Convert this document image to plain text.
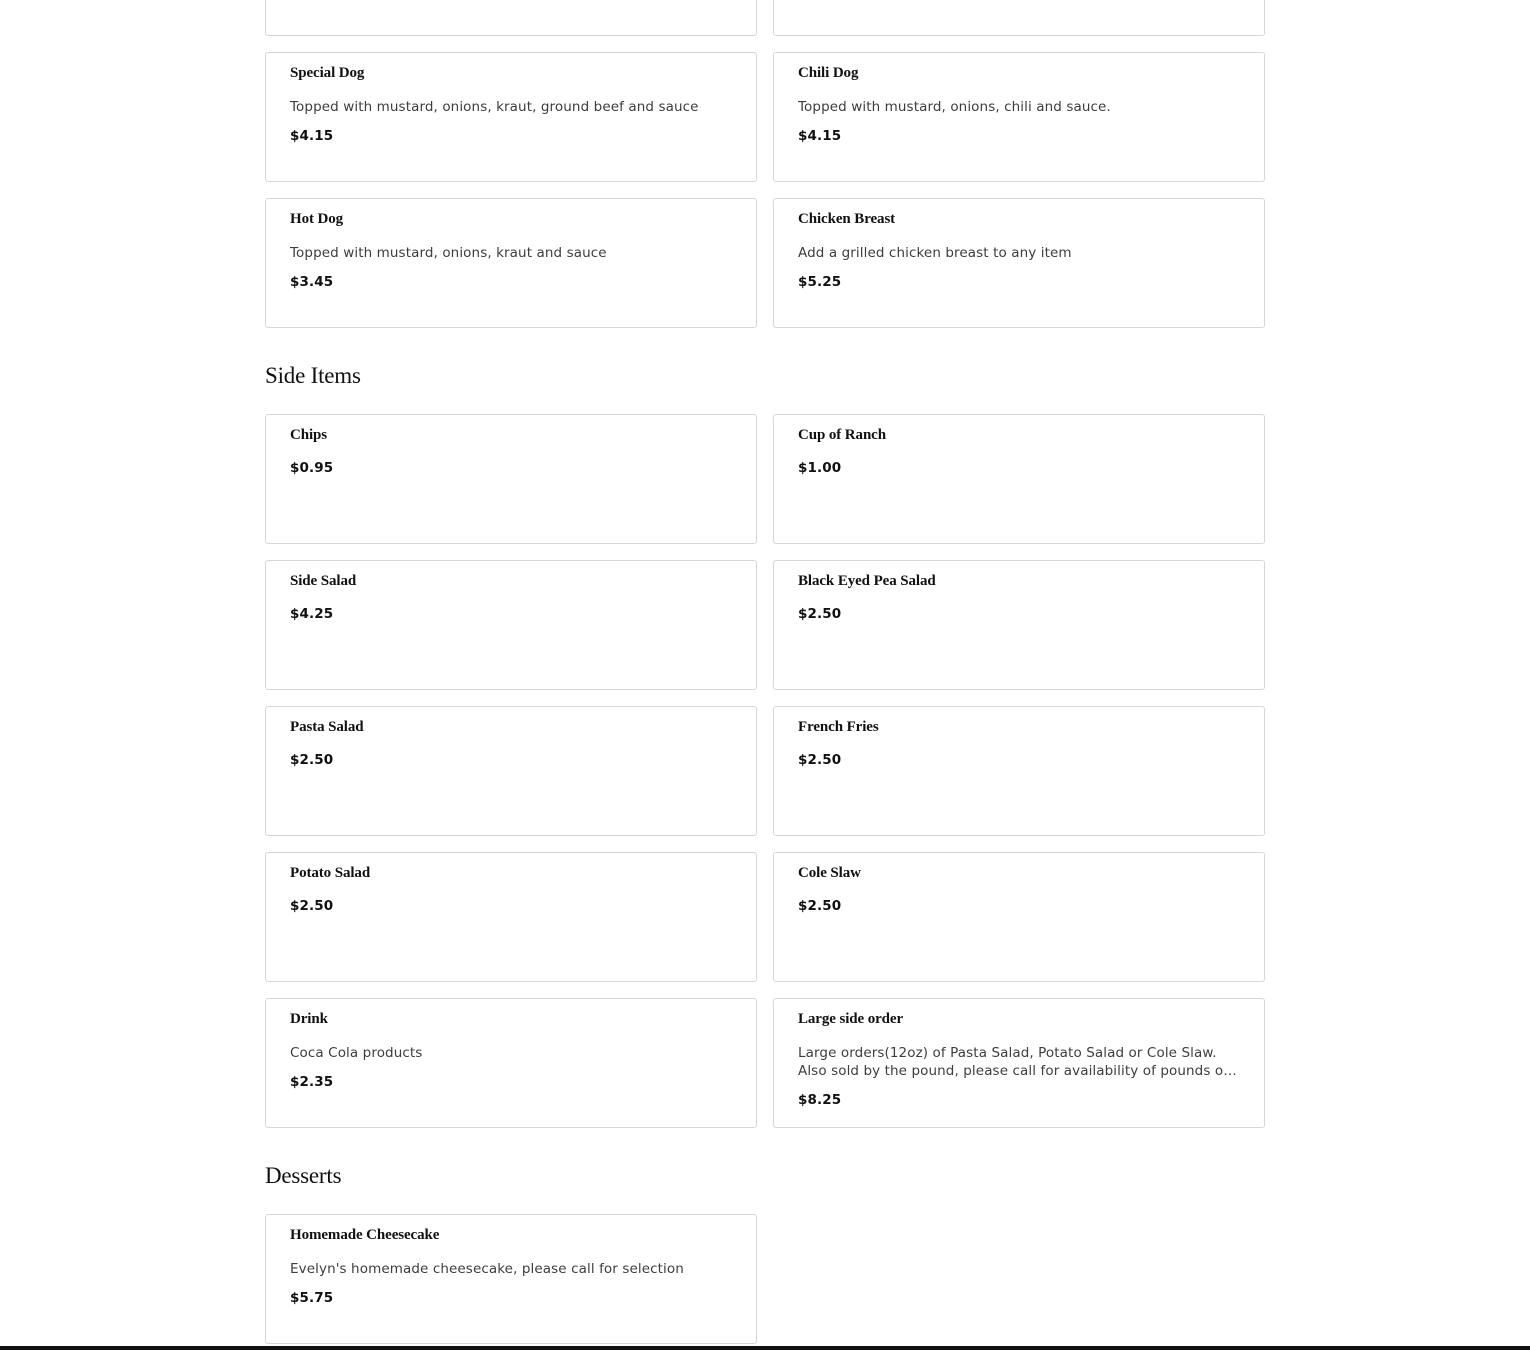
Special Dog
Topped with mustard, onions, kraut, ground beef and sauce
$4.15
Chili Dog
Topped with mustard, onions, chili and sauce.
$4.15
Hot Dog
Topped with mustard, onions, kraut and sauce
$3.45
Chicken Breast
Add a grilled chicken breast to any item
$5.25
Side Items
Chips
$0.95
Cup of Ranch
$1.00
Side Salad
$4.25
Black Eyed Pea Salad
$2.50
Pasta Salad
$2.50
French Fries
$2.50
Potato Salad
$2.50
Cole Slaw
$2.50
Drink
Coca Cola products
$2.35
Large side order
Large orders(12oz) of Pasta Salad, Potato Salad or Cole Slaw. Also sold by the pound, please call for availability of pounds of
$8.25
Desserts
Homemade Cheesecake
Evelyn's homemade cheesecake, please call for selection
$5.75
